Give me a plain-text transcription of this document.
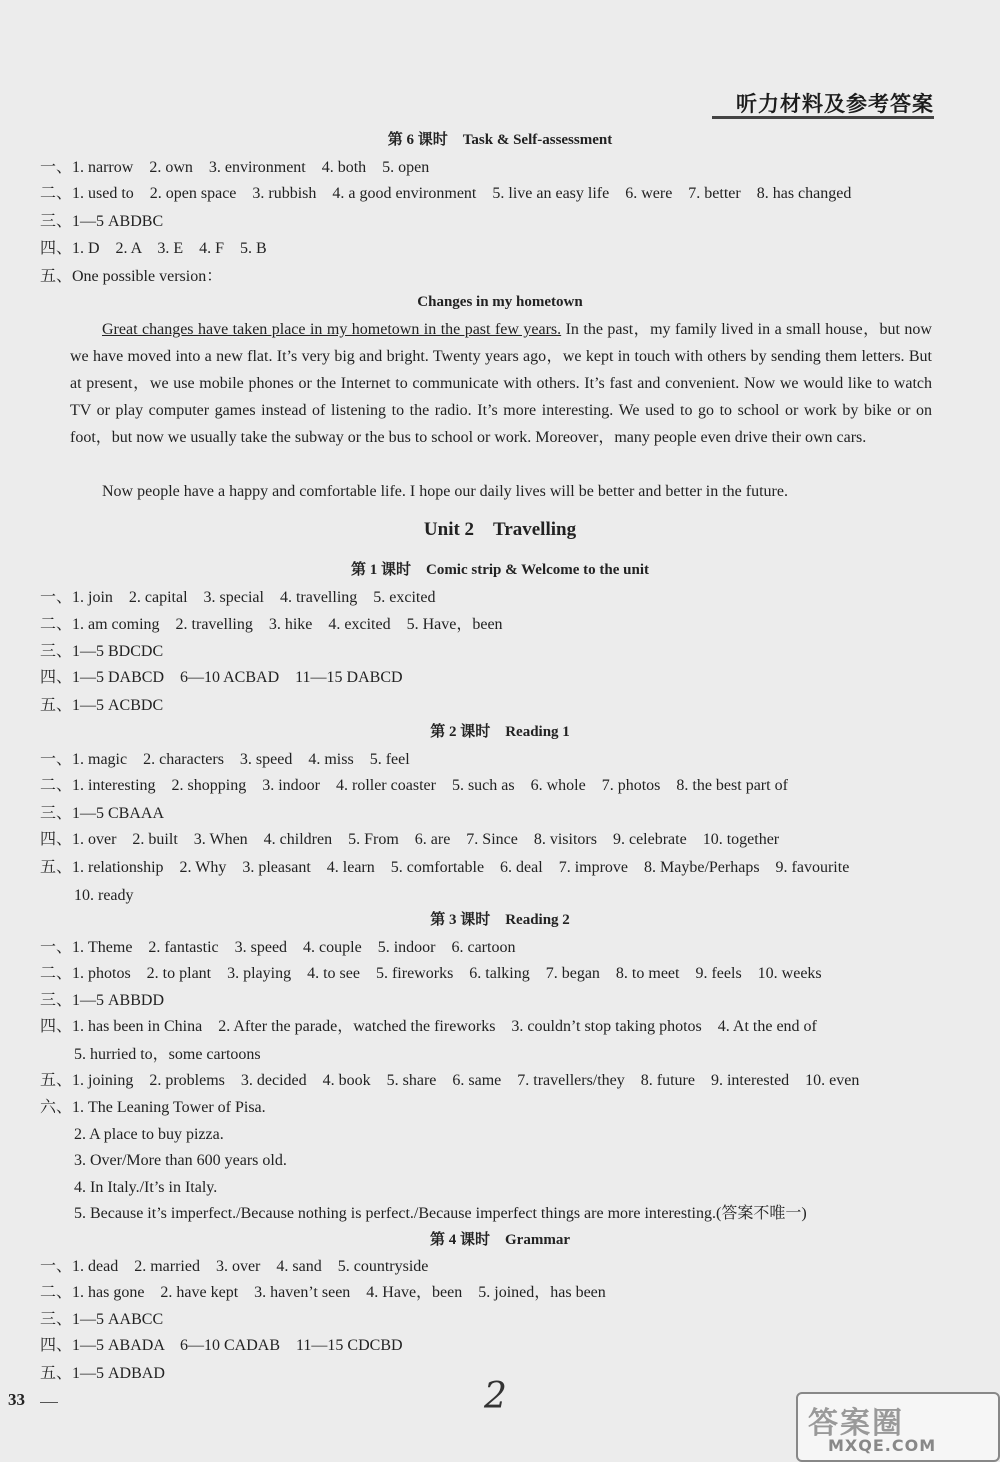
听力材料及参考答案
第 6 课时　Task & Self-assessment
一、1. narrow　2. own　3. environment　4. both　5. open
二、1. used to　2. open space　3. rubbish　4. a good environment　5. live an easy life　6. were　7. better　8. has changed
三、1—5 ABDBC
四、1. D　2. A　3. E　4. F　5. B
五、One possible version：
Changes in my hometown
Great changes have taken place in my hometown in the past few years. In the past，my family lived in a small house，but now we have moved into a new flat. It’s very big and bright. Twenty years ago，we kept in touch with others by sending them letters. But at present，we use mobile phones or the Internet to communicate with others. It’s fast and convenient. Now we would like to watch TV or play computer games instead of listening to the radio. It’s more interesting. We used to go to school or work by bike or on foot，but now we usually take the subway or the bus to school or work. Moreover，many people even drive their own cars.
Now people have a happy and comfortable life. I hope our daily lives will be better and better in the future.
Unit 2　Travelling
第 1 课时　Comic strip & Welcome to the unit
一、1. join　2. capital　3. special　4. travelling　5. excited
二、1. am coming　2. travelling　3. hike　4. excited　5. Have，been
三、1—5 BDCDC
四、1—5 DABCD　6—10 ACBAD　11—15 DABCD
五、1—5 ACBDC
第 2 课时　Reading 1
一、1. magic　2. characters　3. speed　4. miss　5. feel
二、1. interesting　2. shopping　3. indoor　4. roller coaster　5. such as　6. whole　7. photos　8. the best part of
三、1—5 CBAAA
四、1. over　2. built　3. When　4. children　5. From　6. are　7. Since　8. visitors　9. celebrate　10. together
五、1. relationship　2. Why　3. pleasant　4. learn　5. comfortable　6. deal　7. improve　8. Maybe/Perhaps　9. favourite
10. ready
第 3 课时　Reading 2
一、1. Theme　2. fantastic　3. speed　4. couple　5. indoor　6. cartoon
二、1. photos　2. to plant　3. playing　4. to see　5. fireworks　6. talking　7. began　8. to meet　9. feels　10. weeks
三、1—5 ABBDD
四、1. has been in China　2. After the parade，watched the fireworks　3. couldn’t stop taking photos　4. At the end of
5. hurried to，some cartoons
五、1. joining　2. problems　3. decided　4. book　5. share　6. same　7. travellers/they　8. future　9. interested　10. even
六、1. The Leaning Tower of Pisa.
2. A place to buy pizza.
3. Over/More than 600 years old.
4. In Italy./It’s in Italy.
5. Because it’s imperfect./Because nothing is perfect./Because imperfect things are more interesting.(答案不唯一)
第 4 课时　Grammar
一、1. dead　2. married　3. over　4. sand　5. countryside
二、1. has gone　2. have kept　3. haven’t seen　4. Have，been　5. joined，has been
三、1—5 AABCC
四、1—5 ABADA　6—10 CADAB　11—15 CDCBD
五、1—5 ADBAD
33	2
答案圈
MXQE.COM
